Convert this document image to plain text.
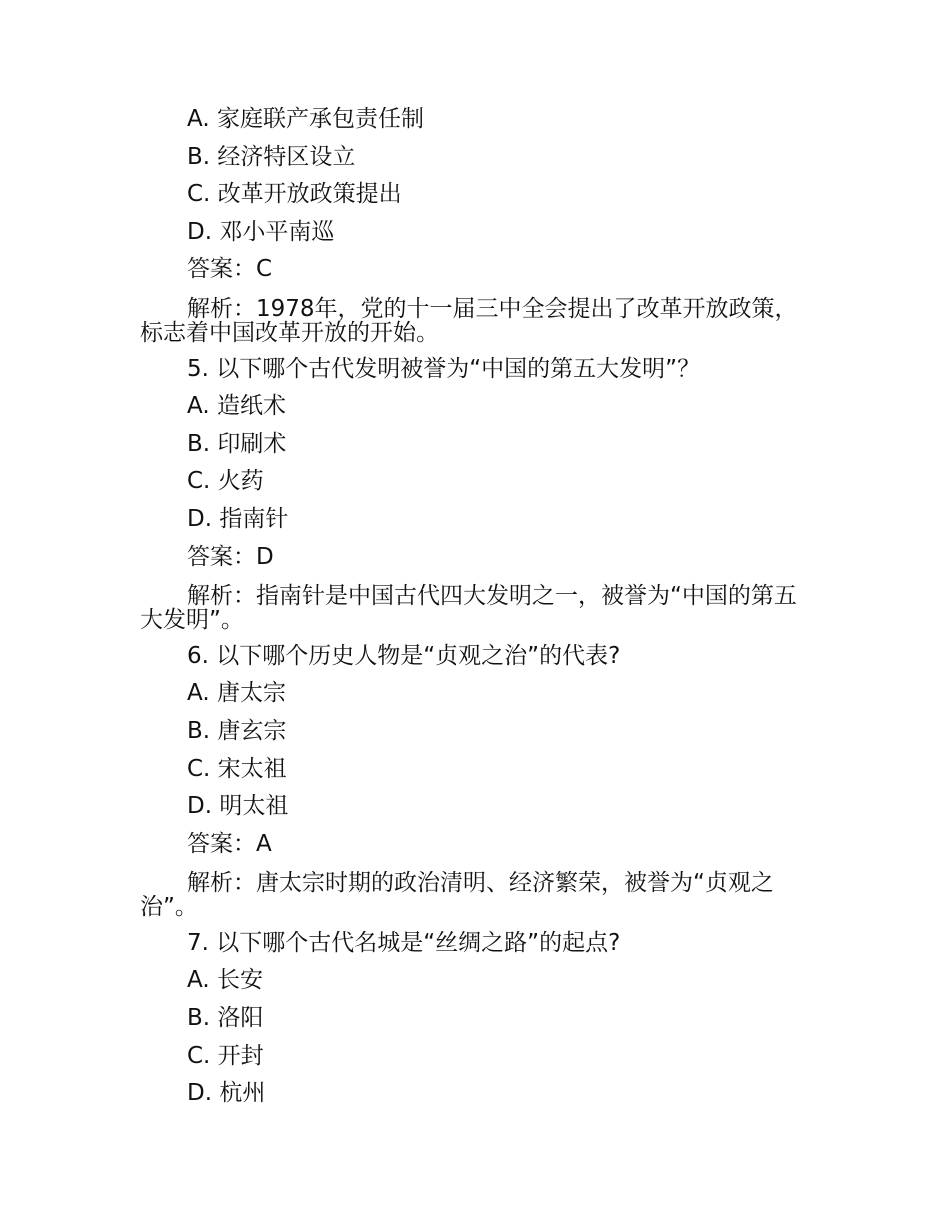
A. 家庭联产承包责任制
B. 经济特区设立
C. 改革开放政策提出
D. 邓小平南巡
答案：C
解析：1978年，党的十一届三中全会提出了改革开放政策，标志着中国改革开放的开始。
5. 以下哪个古代发明被誉为“中国的第五大发明”？
A. 造纸术
B. 印刷术
C. 火药
D. 指南针
答案：D
解析：指南针是中国古代四大发明之一，被誉为“中国的第五大发明”。
6. 以下哪个历史人物是“贞观之治”的代表?
A. 唐太宗
B. 唐玄宗
C. 宋太祖
D. 明太祖
答案：A
解析：唐太宗时期的政治清明、经济繁荣，被誉为“贞观之治”。
7. 以下哪个古代名城是“丝绸之路”的起点?
A. 长安
B. 洛阳
C. 开封
D. 杭州
